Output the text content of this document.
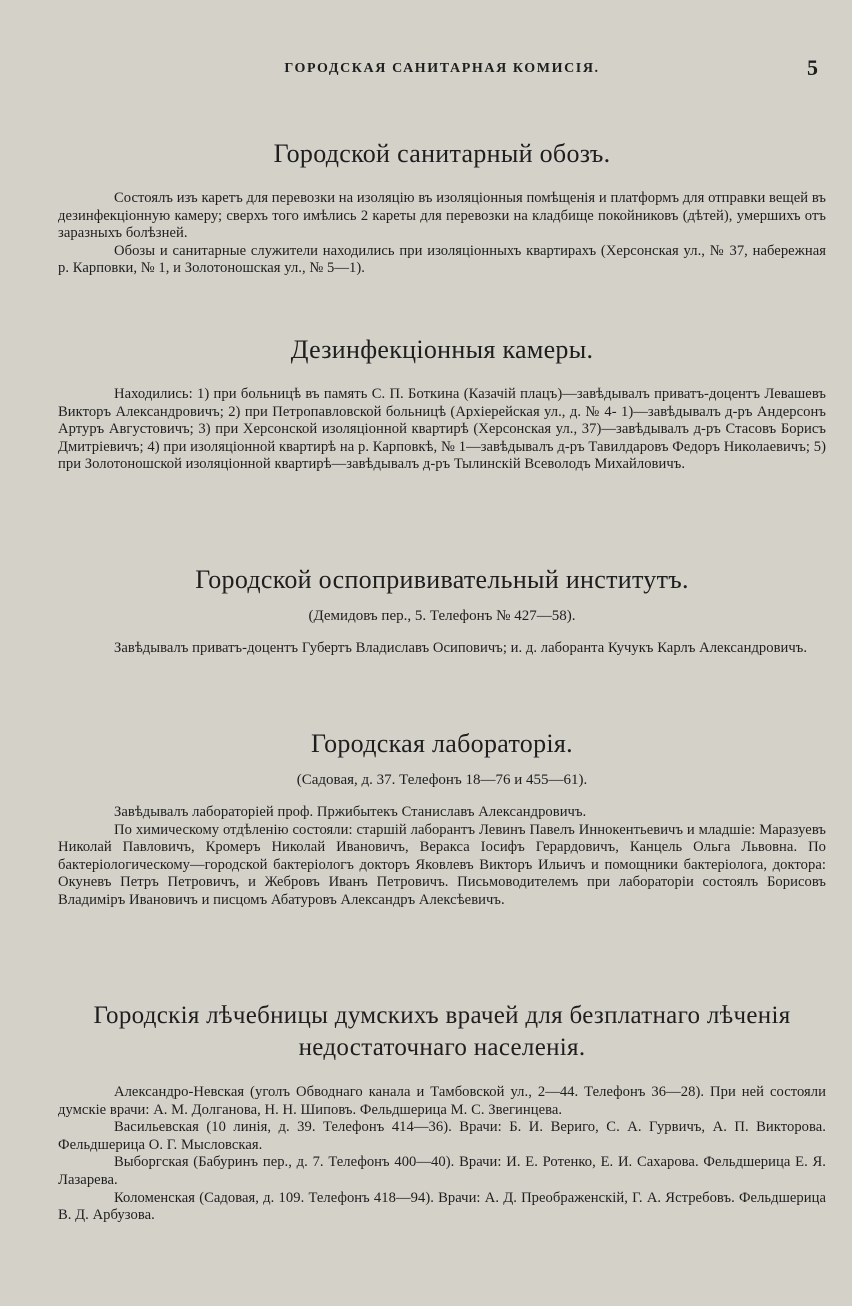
ГОРОДСКАЯ САНИТАРНАЯ КОМИСІЯ.	5
Городской санитарный обозъ.

Состоялъ изъ каретъ для перевозки на изоляцію въ изоляціонныя помѣщенія и платформъ для отправки вещей въ дезинфекціонную камеру; сверхъ того имѣлись 2 кареты для перевозки на кладбище покойниковъ (дѣтей), умершихъ отъ заразныхъ болѣзней.

Обозы и санитарные служители находились при изоляціонныхъ квартирахъ (Херсонская ул., № 37, набережная р. Карповки, № 1, и Золотоношская ул., № 5—1).

Дезинфекціонныя камеры.

Находились: 1) при больницѣ въ память С. П. Боткина (Казачій плацъ)—завѣдывалъ приватъ-доцентъ Левашевъ Викторъ Александровичъ; 2) при Петропавловской больницѣ (Архіерейская ул., д. № 4- 1)—завѣдывалъ д-ръ Андерсонъ Артуръ Августовичъ; 3) при Херсонской изоляціонной квартирѣ (Херсонская ул., 37)—завѣдывалъ д-ръ Стасовъ Борисъ Дмитріевичъ; 4) при изоляціонной квартирѣ на р. Карповкѣ, № 1—завѣдывалъ д-ръ Тавилдаровъ Федоръ Николаевичъ; 5) при Золотоношской изоляціонной квартирѣ—завѣдывалъ д-ръ Тылинскій Всеволодъ Михайловичъ.

Городской оспопрививательный институтъ.

(Демидовъ пер., 5. Телефонъ № 427—58).

Завѣдывалъ приватъ-доцентъ Губертъ Владиславъ Осиповичъ; и. д. лаборанта Кучукъ Карлъ Александровичъ.

Городская лабораторія.

(Садовая, д. 37. Телефонъ 18—76 и 455—61).

Завѣдывалъ лабораторіей проф. Пржибытекъ Станиславъ Александровичъ.

По химическому отдѣленію состояли: старшій лаборантъ Левинъ Павелъ Иннокентьевичъ и младшіе: Маразуевъ Николай Павловичъ, Кромеръ Николай Ивановичъ, Веракса Іосифъ Герардовичъ, Канцель Ольга Львовна. По бактеріологическому—городской бактеріологъ докторъ Яковлевъ Викторъ Ильичъ и помощники бактеріолога, доктора: Окуневъ Петръ Петровичъ, и Жебровъ Иванъ Петровичъ. Письмоводителемъ при лабораторіи состоялъ Борисовъ Владиміръ Ивановичъ и писцомъ Абатуровъ Александръ Алексѣевичъ.

Городскія лѣчебницы думскихъ врачей для безплатнаго лѣченія недостаточнаго населенія.

Александро-Невская (уголъ Обводнаго канала и Тамбовской ул., 2—44. Телефонъ 36—28). При ней состояли думскіе врачи: А. М. Долганова, Н. Н. Шиповъ. Фельдшерица М. С. Звегинцева.

Васильевская (10 линія, д. 39. Телефонъ 414—36). Врачи: Б. И. Вериго, С. А. Гурвичъ, А. П. Викторова. Фельдшерица О. Г. Мысловская.

Выборгская (Бабуринъ пер., д. 7. Телефонъ 400—40). Врачи: И. Е. Ротенко, Е. И. Сахарова. Фельдшерица Е. Я. Лазарева.

Коломенская (Садовая, д. 109. Телефонъ 418—94). Врачи: А. Д. Преображенскій, Г. А. Ястребовъ. Фельдшерица В. Д. Арбузова.
